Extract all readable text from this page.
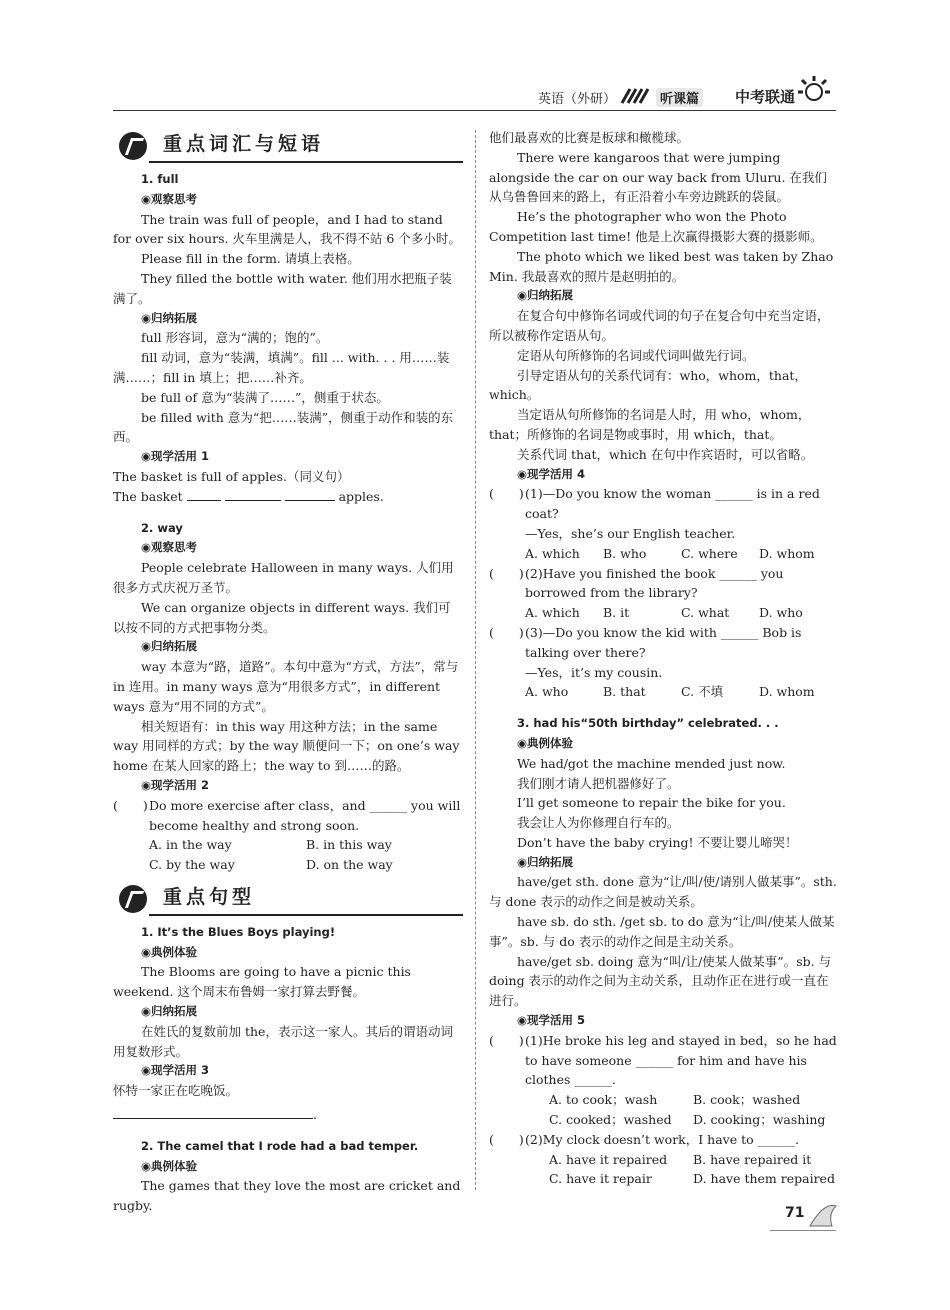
英语（外研）	听课篇 中考联通
重点词汇与短语

1. full

◉观察思考

The train was full of people，and I had to stand for over six hours. 火车里满是人，我不得不站 6 个多小时。

Please fill in the form. 请填上表格。

They filled the bottle with water. 他们用水把瓶子装满了。

◉归纳拓展

full 形容词，意为“满的；饱的”。

fill 动词，意为“装满，填满”。fill ... with. . . 用……装满……；fill in 填上；把……补齐。

be full of 意为“装满了……”，侧重于状态。

be filled with 意为“把……装满”，侧重于动作和装的东西。

◉现学活用 1

The basket is full of apples.（同义句）

The basket	apples.

2. way

◉观察思考

People celebrate Halloween in many ways. 人们用很多方式庆祝万圣节。

We can organize objects in different ways. 我们可以按不同的方式把事物分类。

◉归纳拓展

way 本意为“路，道路”。本句中意为“方式，方法”，常与 in 连用。in many ways 意为“用很多方式”，in different ways 意为“用不同的方式”。

相关短语有：in this way 用这种方法；in the same way 用同样的方式；by the way 顺便问一下；on one’s way home 在某人回家的路上；the way to 到……的路。

◉现学活用 2

(　　) Do more exercise after class，and ______ you will become healthy and strong soon.
A. in the way	B. in this way
C. by the way	D. on the way
重点句型

1. It’s the Blues Boys playing!

◉典例体验

The Blooms are going to have a picnic this weekend. 这个周末布鲁姆一家打算去野餐。

◉归纳拓展

在姓氏的复数前加 the，表示这一家人。其后的谓语动词用复数形式。

◉现学活用 3

怀特一家正在吃晚饭。

.

2. The camel that I rode had a bad temper.

◉典例体验

The games that they love the most are cricket and rugby.

他们最喜欢的比赛是板球和橄榄球。

There were kangaroos that were jumping alongside the car on our way back from Uluru. 在我们从乌鲁鲁回来的路上，有正沿着小车旁边跳跃的袋鼠。

He’s the photographer who won the Photo Competition last time! 他是上次赢得摄影大赛的摄影师。

The photo which we liked best was taken by Zhao Min. 我最喜欢的照片是赵明拍的。

◉归纳拓展

在复合句中修饰名词或代词的句子在复合句中充当定语，所以被称作定语从句。

定语从句所修饰的名词或代词叫做先行词。

引导定语从句的关系代词有：who，whom，that，which。

当定语从句所修饰的名词是人时，用 who，whom，that；所修饰的名词是物或事时，用 which，that。

关系代词 that，which 在句中作宾语时，可以省略。

◉现学活用 4

(　　) (1)—Do you know the woman ______ is in a red coat?

—Yes，she’s our English teacher.

A. which	B. who	C. where	D. whom
(　　) (2)Have you finished the book ______ you borrowed from the library?

A. which	B. it	C. what	D. who
(　　) (3)—Do you know the kid with ______ Bob is talking over there?

—Yes，it’s my cousin.

A. who	B. that	C. 不填	D. whom

3. had his“50th birthday” celebrated. . .

◉典例体验

We had/got the machine mended just now.

我们刚才请人把机器修好了。

I’ll get someone to repair the bike for you.

我会让人为你修理自行车的。

Don’t have the baby crying! 不要让婴儿啼哭！

◉归纳拓展

have/get sth. done 意为“让/叫/使/请别人做某事”。sth. 与 done 表示的动作之间是被动关系。

have sb. do sth. /get sb. to do 意为“让/叫/使某人做某事”。sb. 与 do 表示的动作之间是主动关系。

have/get sb. doing 意为“叫/让/使某人做某事”。sb. 与 doing 表示的动作之间为主动关系，且动作正在进行或一直在进行。

◉现学活用 5

(　　) (1)He broke his leg and stayed in bed，so he had to have someone ______ for him and have his clothes ______.

A. to cook；wash	B. cook；washed
C. cooked；washed	D. cooking；washing
(　　) (2)My clock doesn’t work，I have to ______.

A. have it repaired	B. have repaired it
C. have it repair	D. have them repaired
71
